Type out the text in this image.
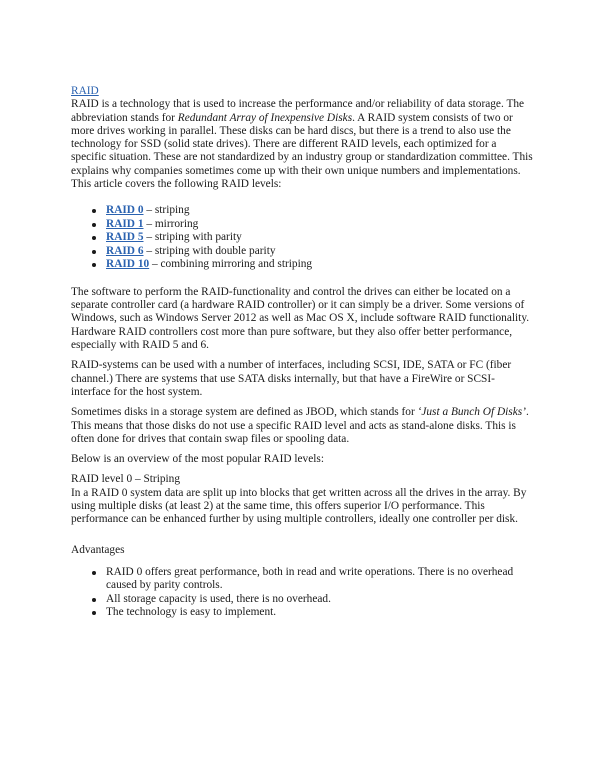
RAID

RAID is a technology that is used to increase the performance and/or reliability of data storage. The abbreviation stands for Redundant Array of Inexpensive Disks. A RAID system consists of two or more drives working in parallel. These disks can be hard discs, but there is a trend to also use the technology for SSD (solid state drives). There are different RAID levels, each optimized for a specific situation. These are not standardized by an industry group or standardization committee. This explains why companies sometimes come up with their own unique numbers and implementations. This article covers the following RAID levels:

RAID 0 – striping
RAID 1 – mirroring
RAID 5 – striping with parity
RAID 6 – striping with double parity
RAID 10 – combining mirroring and striping

The software to perform the RAID-functionality and control the drives can either be located on a separate controller card (a hardware RAID controller) or it can simply be a driver. Some versions of Windows, such as Windows Server 2012 as well as Mac OS X, include software RAID functionality. Hardware RAID controllers cost more than pure software, but they also offer better performance, especially with RAID 5 and 6.

RAID-systems can be used with a number of interfaces, including SCSI, IDE, SATA or FC (fiber channel.) There are systems that use SATA disks internally, but that have a FireWire or SCSI-interface for the host system.

Sometimes disks in a storage system are defined as JBOD, which stands for ‘Just a Bunch Of Disks’. This means that those disks do not use a specific RAID level and acts as stand-alone disks. This is often done for drives that contain swap files or spooling data.

Below is an overview of the most popular RAID levels:

RAID level 0 – Striping

In a RAID 0 system data are split up into blocks that get written across all the drives in the array. By using multiple disks (at least 2) at the same time, this offers superior I/O performance. This performance can be enhanced further by using multiple controllers, ideally one controller per disk.

Advantages

RAID 0 offers great performance, both in read and write operations. There is no overhead caused by parity controls.
All storage capacity is used, there is no overhead.
The technology is easy to implement.
